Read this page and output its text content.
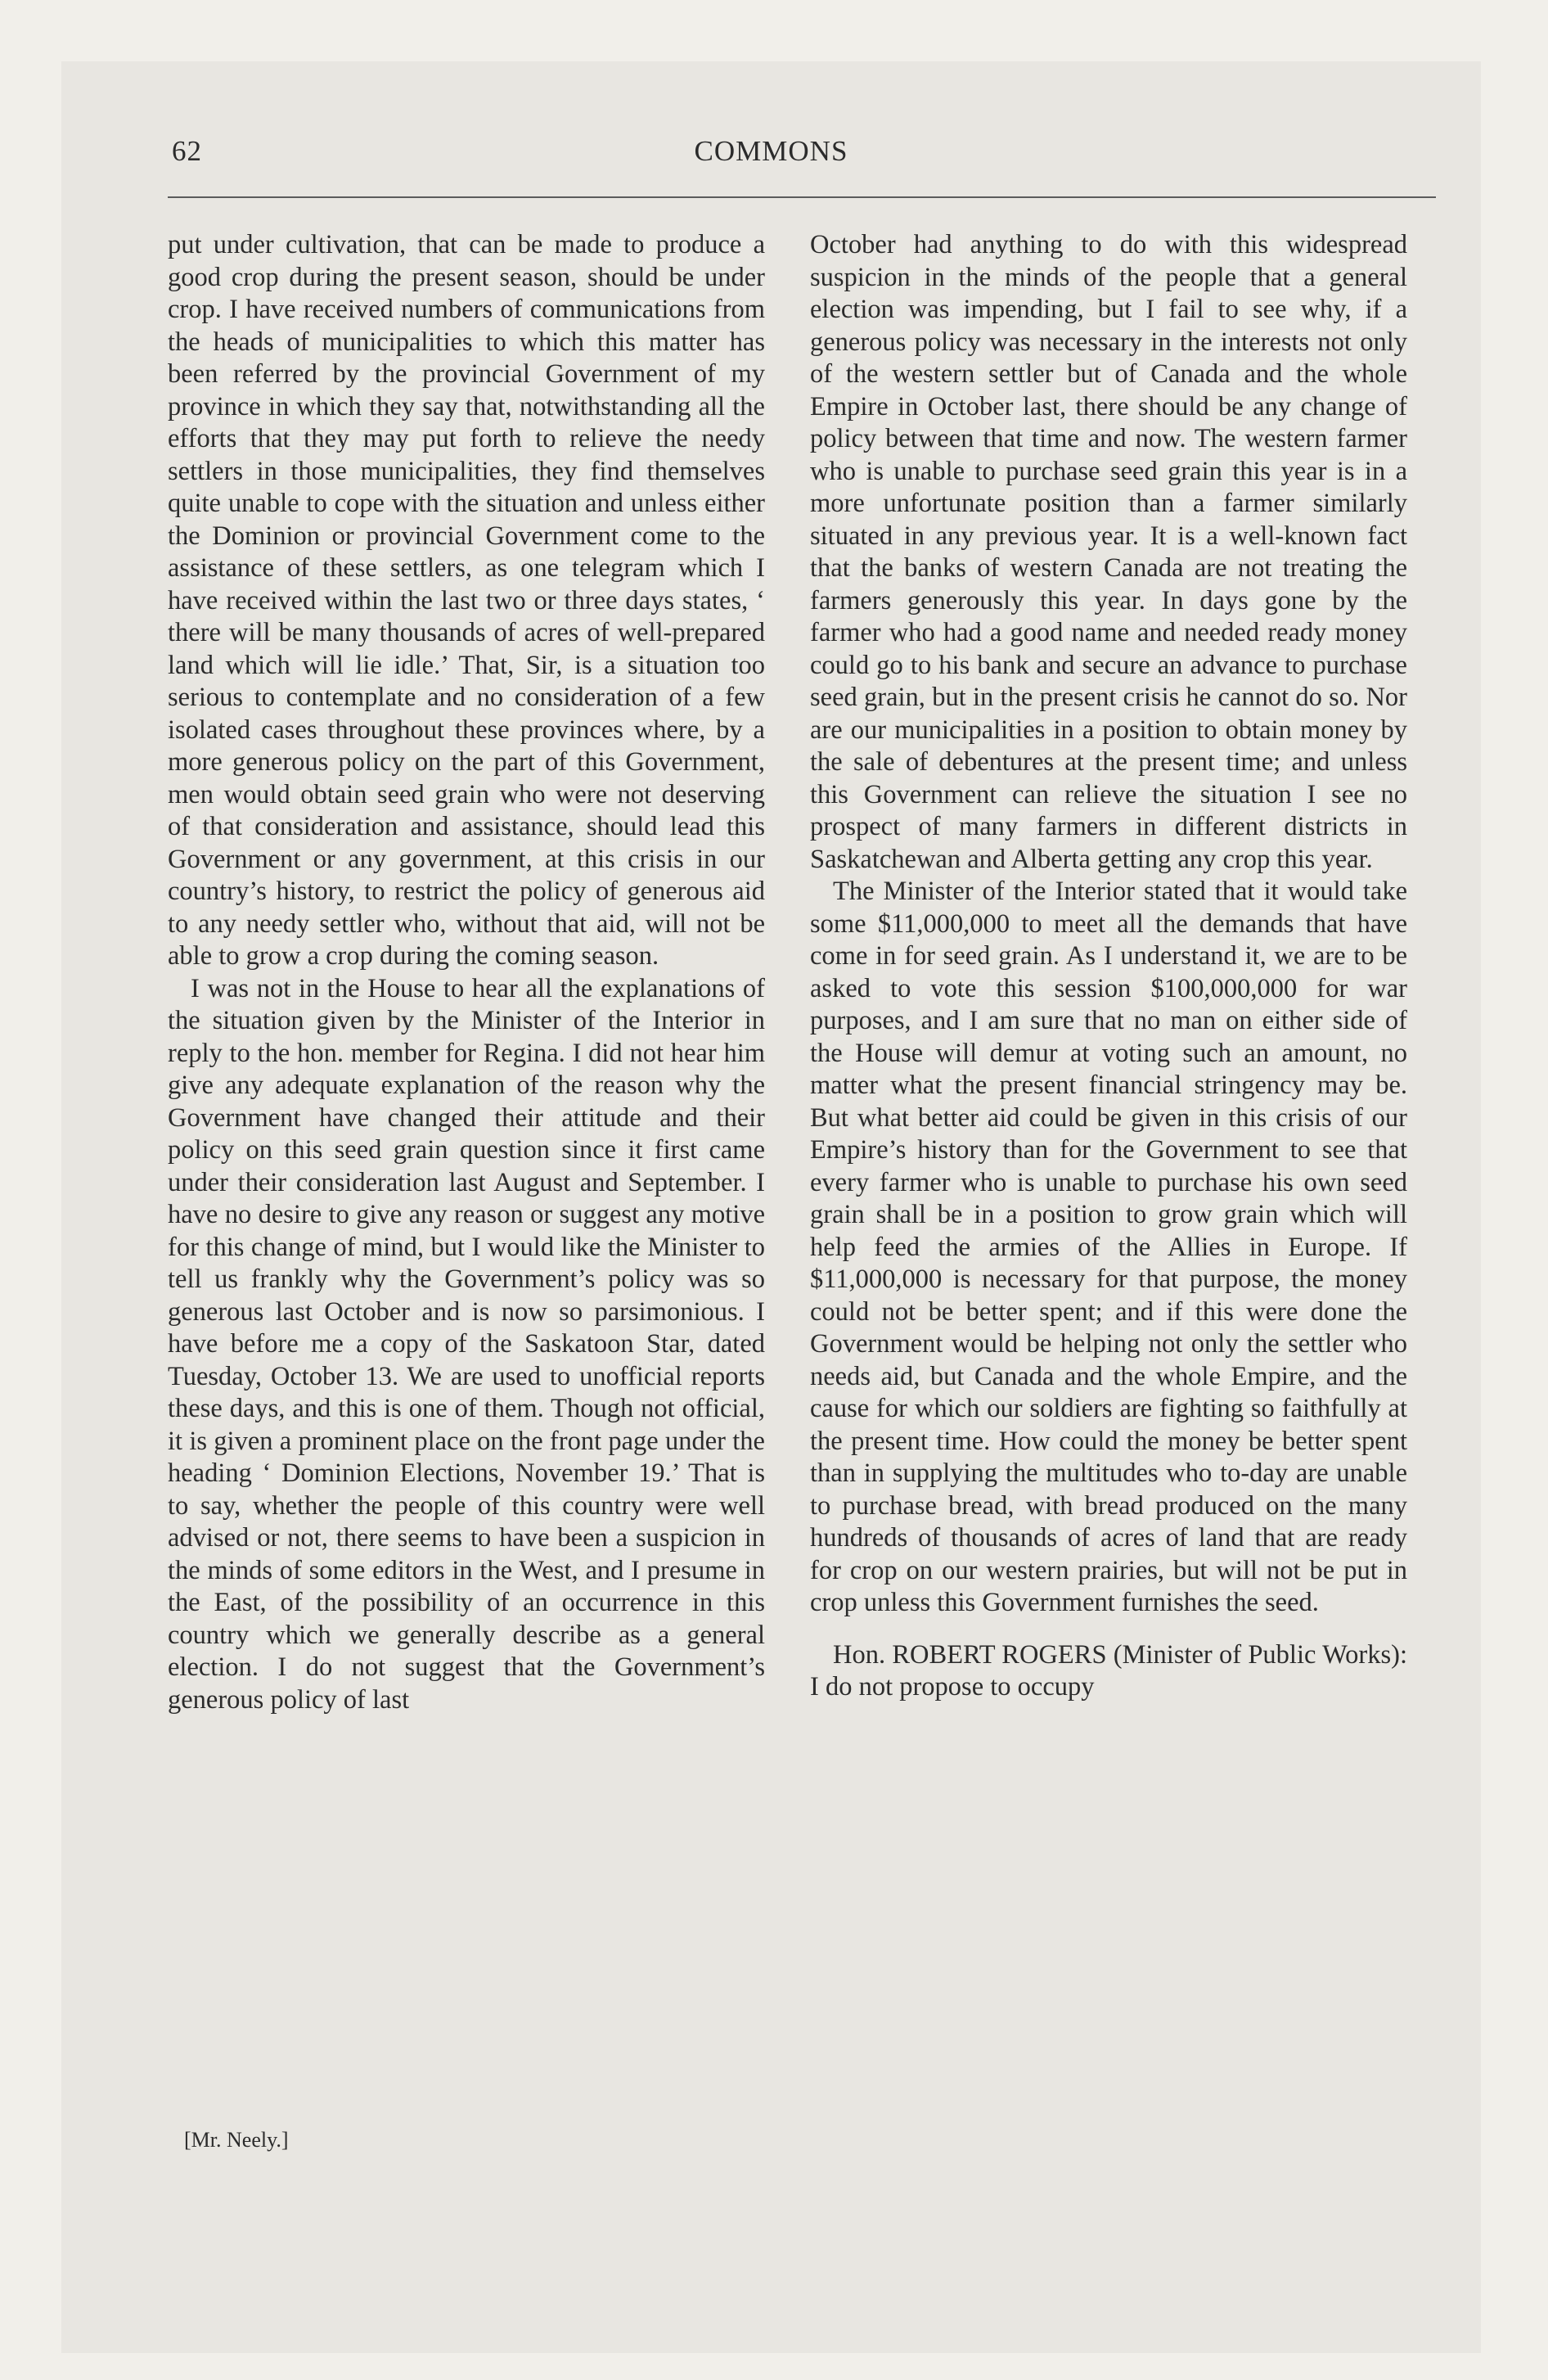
62	COMMONS

put under cultivation, that can be made to produce a good crop during the present season, should be under crop. I have received numbers of communications from the heads of municipalities to which this matter has been referred by the provincial Government of my province in which they say that, notwithstanding all the efforts that they may put forth to relieve the needy settlers in those municipalities, they find themselves quite unable to cope with the situation and unless either the Dominion or provincial Government come to the assistance of these settlers, as one telegram which I have received within the last two or three days states, ‘ there will be many thousands of acres of well-prepared land which will lie idle.’ That, Sir, is a situation too serious to contemplate and no consideration of a few isolated cases throughout these provinces where, by a more generous policy on the part of this Government, men would obtain seed grain who were not deserving of that consideration and assistance, should lead this Government or any government, at this crisis in our country’s history, to restrict the policy of generous aid to any needy settler who, without that aid, will not be able to grow a crop during the coming season.

I was not in the House to hear all the explanations of the situation given by the Minister of the Interior in reply to the hon. member for Regina. I did not hear him give any adequate explanation of the reason why the Government have changed their attitude and their policy on this seed grain question since it first came under their consideration last August and September. I have no desire to give any reason or suggest any motive for this change of mind, but I would like the Minister to tell us frankly why the Government’s policy was so generous last October and is now so parsimonious. I have before me a copy of the Saskatoon Star, dated Tuesday, October 13. We are used to unofficial reports these days, and this is one of them. Though not official, it is given a prominent place on the front page under the heading ‘ Dominion Elections, November 19.’ That is to say, whether the people of this country were well advised or not, there seems to have been a suspicion in the minds of some editors in the West, and I presume in the East, of the possibility of an occurrence in this country which we generally describe as a general election. I do not suggest that the Government’s generous policy of last

October had anything to do with this widespread suspicion in the minds of the people that a general election was impending, but I fail to see why, if a generous policy was necessary in the interests not only of the western settler but of Canada and the whole Empire in October last, there should be any change of policy between that time and now. The western farmer who is unable to purchase seed grain this year is in a more unfortunate position than a farmer similarly situated in any previous year. It is a well-known fact that the banks of western Canada are not treating the farmers generously this year. In days gone by the farmer who had a good name and needed ready money could go to his bank and secure an advance to purchase seed grain, but in the present crisis he cannot do so. Nor are our municipalities in a position to obtain money by the sale of debentures at the present time; and unless this Government can relieve the situation I see no prospect of many farmers in different districts in Saskatchewan and Alberta getting any crop this year.

The Minister of the Interior stated that it would take some $11,000,000 to meet all the demands that have come in for seed grain. As I understand it, we are to be asked to vote this session $100,000,000 for war purposes, and I am sure that no man on either side of the House will demur at voting such an amount, no matter what the present financial stringency may be. But what better aid could be given in this crisis of our Empire’s history than for the Government to see that every farmer who is unable to purchase his own seed grain shall be in a position to grow grain which will help feed the armies of the Allies in Europe. If $11,000,000 is necessary for that purpose, the money could not be better spent; and if this were done the Government would be helping not only the settler who needs aid, but Canada and the whole Empire, and the cause for which our soldiers are fighting so faithfully at the present time. How could the money be better spent than in supplying the multitudes who to-day are unable to purchase bread, with bread produced on the many hundreds of thousands of acres of land that are ready for crop on our western prairies, but will not be put in crop unless this Government furnishes the seed.

Hon. ROBERT ROGERS (Minister of Public Works): I do not propose to occupy

[Mr. Neely.]
